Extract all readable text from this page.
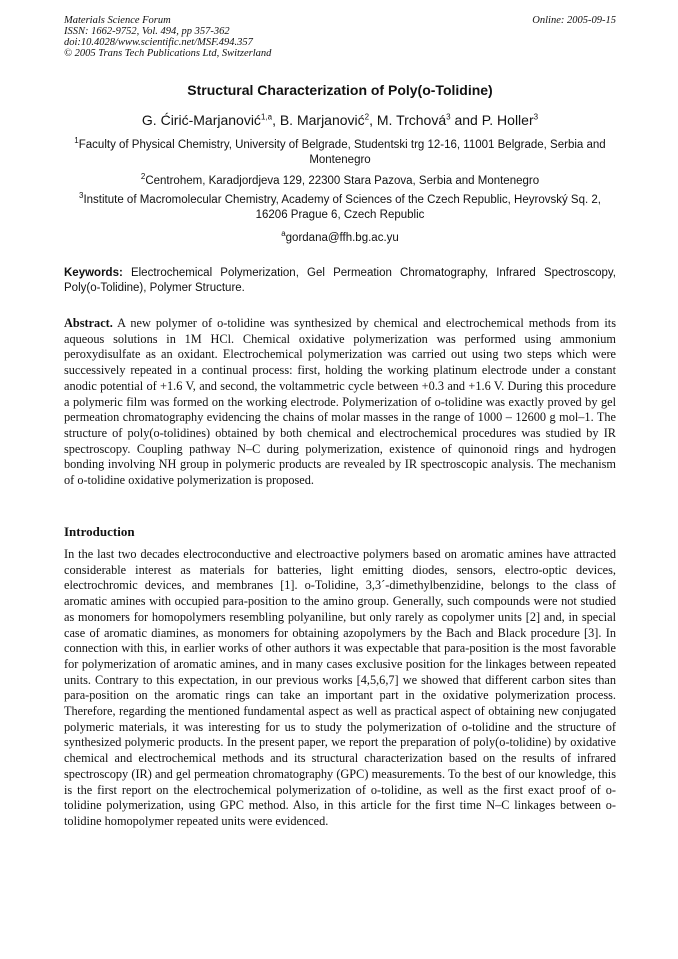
Materials Science Forum
ISSN: 1662-9752, Vol. 494, pp 357-362
doi:10.4028/www.scientific.net/MSF.494.357
© 2005 Trans Tech Publications Ltd, Switzerland
Online: 2005-09-15
Structural Characterization of Poly(o-Tolidine)
G. Ćirić-Marjanović$^{1,a}$, B. Marjanović$^2$, M. Trchová$^3$ and P. Holler$^3$
$^1$Faculty of Physical Chemistry, University of Belgrade, Studentski trg 12-16, 11001 Belgrade, Serbia and Montenegro
$^2$Centrohem, Karadjordjeva 129, 22300 Stara Pazova, Serbia and Montenegro
$^3$Institute of Macromolecular Chemistry, Academy of Sciences of the Czech Republic, Heyrovský Sq. 2, 16206 Prague 6, Czech Republic
$^a$gordana@ffh.bg.ac.yu
Keywords: Electrochemical Polymerization, Gel Permeation Chromatography, Infrared Spectroscopy, Poly(o-Tolidine), Polymer Structure.
Abstract. A new polymer of o-tolidine was synthesized by chemical and electrochemical methods from its aqueous solutions in 1M HCl. Chemical oxidative polymerization was performed using ammonium peroxydisulfate as an oxidant. Electrochemical polymerization was carried out using two steps which were successively repeated in a continual process: first, holding the working platinum electrode under a constant anodic potential of +1.6 V, and second, the voltammetric cycle between +0.3 and +1.6 V. During this procedure a polymeric film was formed on the working electrode. Polymerization of o-tolidine was exactly proved by gel permeation chromatography evidencing the chains of molar masses in the range of 1000 – 12600 g mol–1. The structure of poly(o-tolidines) obtained by both chemical and electrochemical procedures was studied by IR spectroscopy. Coupling pathway N–C during polymerization, existence of quinonoid rings and hydrogen bonding involving NH group in polymeric products are revealed by IR spectroscopic analysis. The mechanism of o-tolidine oxidative polymerization is proposed.
Introduction
In the last two decades electroconductive and electroactive polymers based on aromatic amines have attracted considerable interest as materials for batteries, light emitting diodes, sensors, electro-optic devices, electrochromic devices, and membranes [1]. o-Tolidine, 3,3´-dimethylbenzidine, belongs to the class of aromatic amines with occupied para-position to the amino group. Generally, such compounds were not studied as monomers for homopolymers resembling polyaniline, but only rarely as copolymer units [2] and, in special case of aromatic diamines, as monomers for obtaining azopolymers by the Bach and Black procedure [3]. In connection with this, in earlier works of other authors it was expectable that para-position is the most favorable for polymerization of aromatic amines, and in many cases exclusive position for the linkages between repeated units. Contrary to this expectation, in our previous works [4,5,6,7] we showed that different carbon sites than para-position on the aromatic rings can take an important part in the oxidative polymerization process. Therefore, regarding the mentioned fundamental aspect as well as practical aspect of obtaining new conjugated polymeric materials, it was interesting for us to study the polymerization of o-tolidine and the structure of synthesized polymeric products. In the present paper, we report the preparation of poly(o-tolidine) by oxidative chemical and electrochemical methods and its structural characterization based on the results of infrared spectroscopy (IR) and gel permeation chromatography (GPC) measurements. To the best of our knowledge, this is the first report on the electrochemical polymerization of o-tolidine, as well as the first exact proof of o-tolidine polymerization, using GPC method. Also, in this article for the first time N–C linkages between o-tolidine homopolymer repeated units were evidenced.
